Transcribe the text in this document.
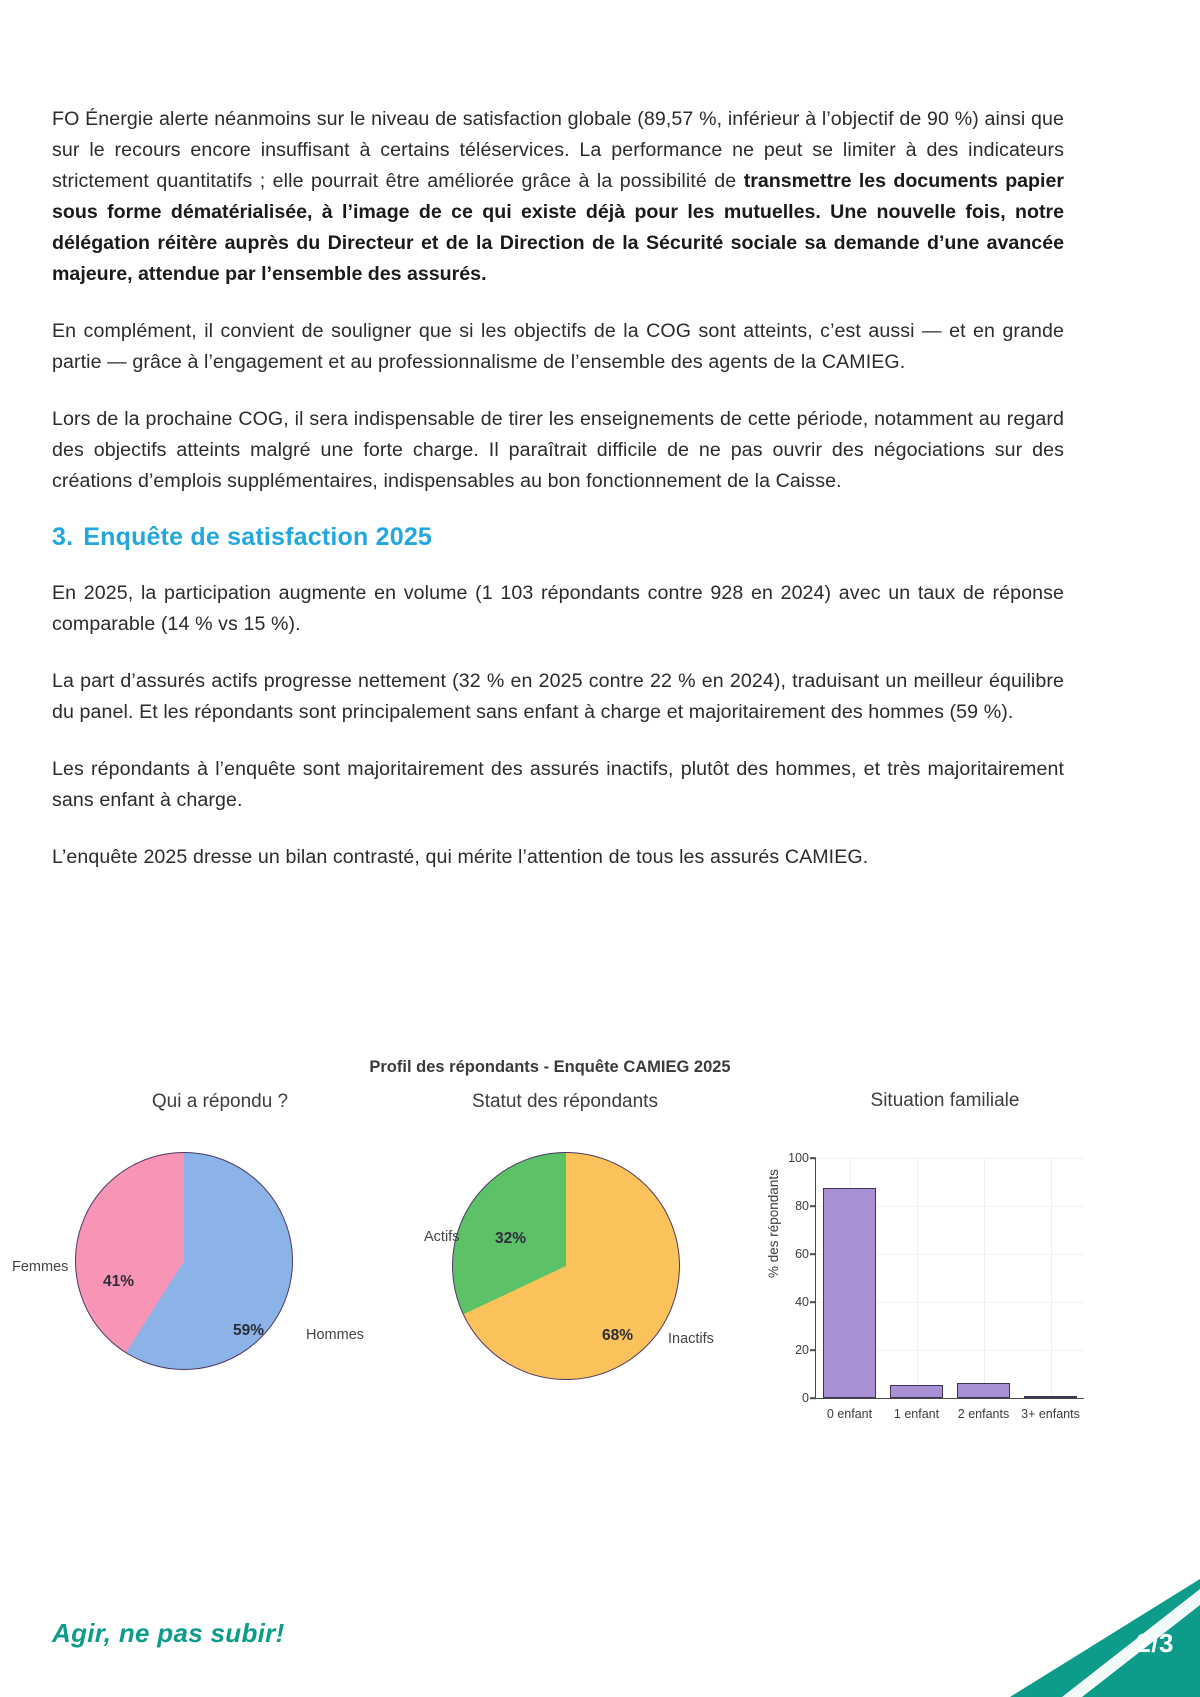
FO Énergie alerte néanmoins sur le niveau de satisfaction globale (89,57 %, inférieur à l’objectif de 90 %) ainsi que sur le recours encore insuffisant à certains téléservices. La performance ne peut se limiter à des indicateurs strictement quantitatifs ; elle pourrait être améliorée grâce à la possibilité de transmettre les documents papier sous forme dématérialisée, à l’image de ce qui existe déjà pour les mutuelles. Une nouvelle fois, notre délégation réitère auprès du Directeur et de la Direction de la Sécurité sociale sa demande d’une avancée majeure, attendue par l’ensemble des assurés.

En complément, il convient de souligner que si les objectifs de la COG sont atteints, c’est aussi — et en grande partie — grâce à l’engagement et au professionnalisme de l’ensemble des agents de la CAMIEG.

Lors de la prochaine COG, il sera indispensable de tirer les enseignements de cette période, notamment au regard des objectifs atteints malgré une forte charge. Il paraîtrait difficile de ne pas ouvrir des négociations sur des créations d’emplois supplémentaires, indispensables au bon fonctionnement de la Caisse.

3. Enquête de satisfaction 2025

En 2025, la participation augmente en volume (1 103 répondants contre 928 en 2024) avec un taux de réponse comparable (14 % vs 15 %).

La part d’assurés actifs progresse nettement (32 % en 2025 contre 22 % en 2024), traduisant un meilleur équilibre du panel. Et les répondants sont principalement sans enfant à charge et majoritairement des hommes (59 %).

Les répondants à l’enquête sont majoritairement des assurés inactifs, plutôt des hommes, et très majoritairement sans enfant à charge.

L’enquête 2025 dresse un bilan contrasté, qui mérite l’attention de tous les assurés CAMIEG.

Profil des répondants - Enquête CAMIEG 2025
Qui a répondu ?
Femmes
Hommes
41%
59%
Statut des répondants
Actifs
Inactifs
32%
68%
Situation familiale
% des répondants
0
20
40
60
80
100
0 enfant 1 enfant 2 enfants 3+ enfants
Agir, ne pas subir!	2/3
